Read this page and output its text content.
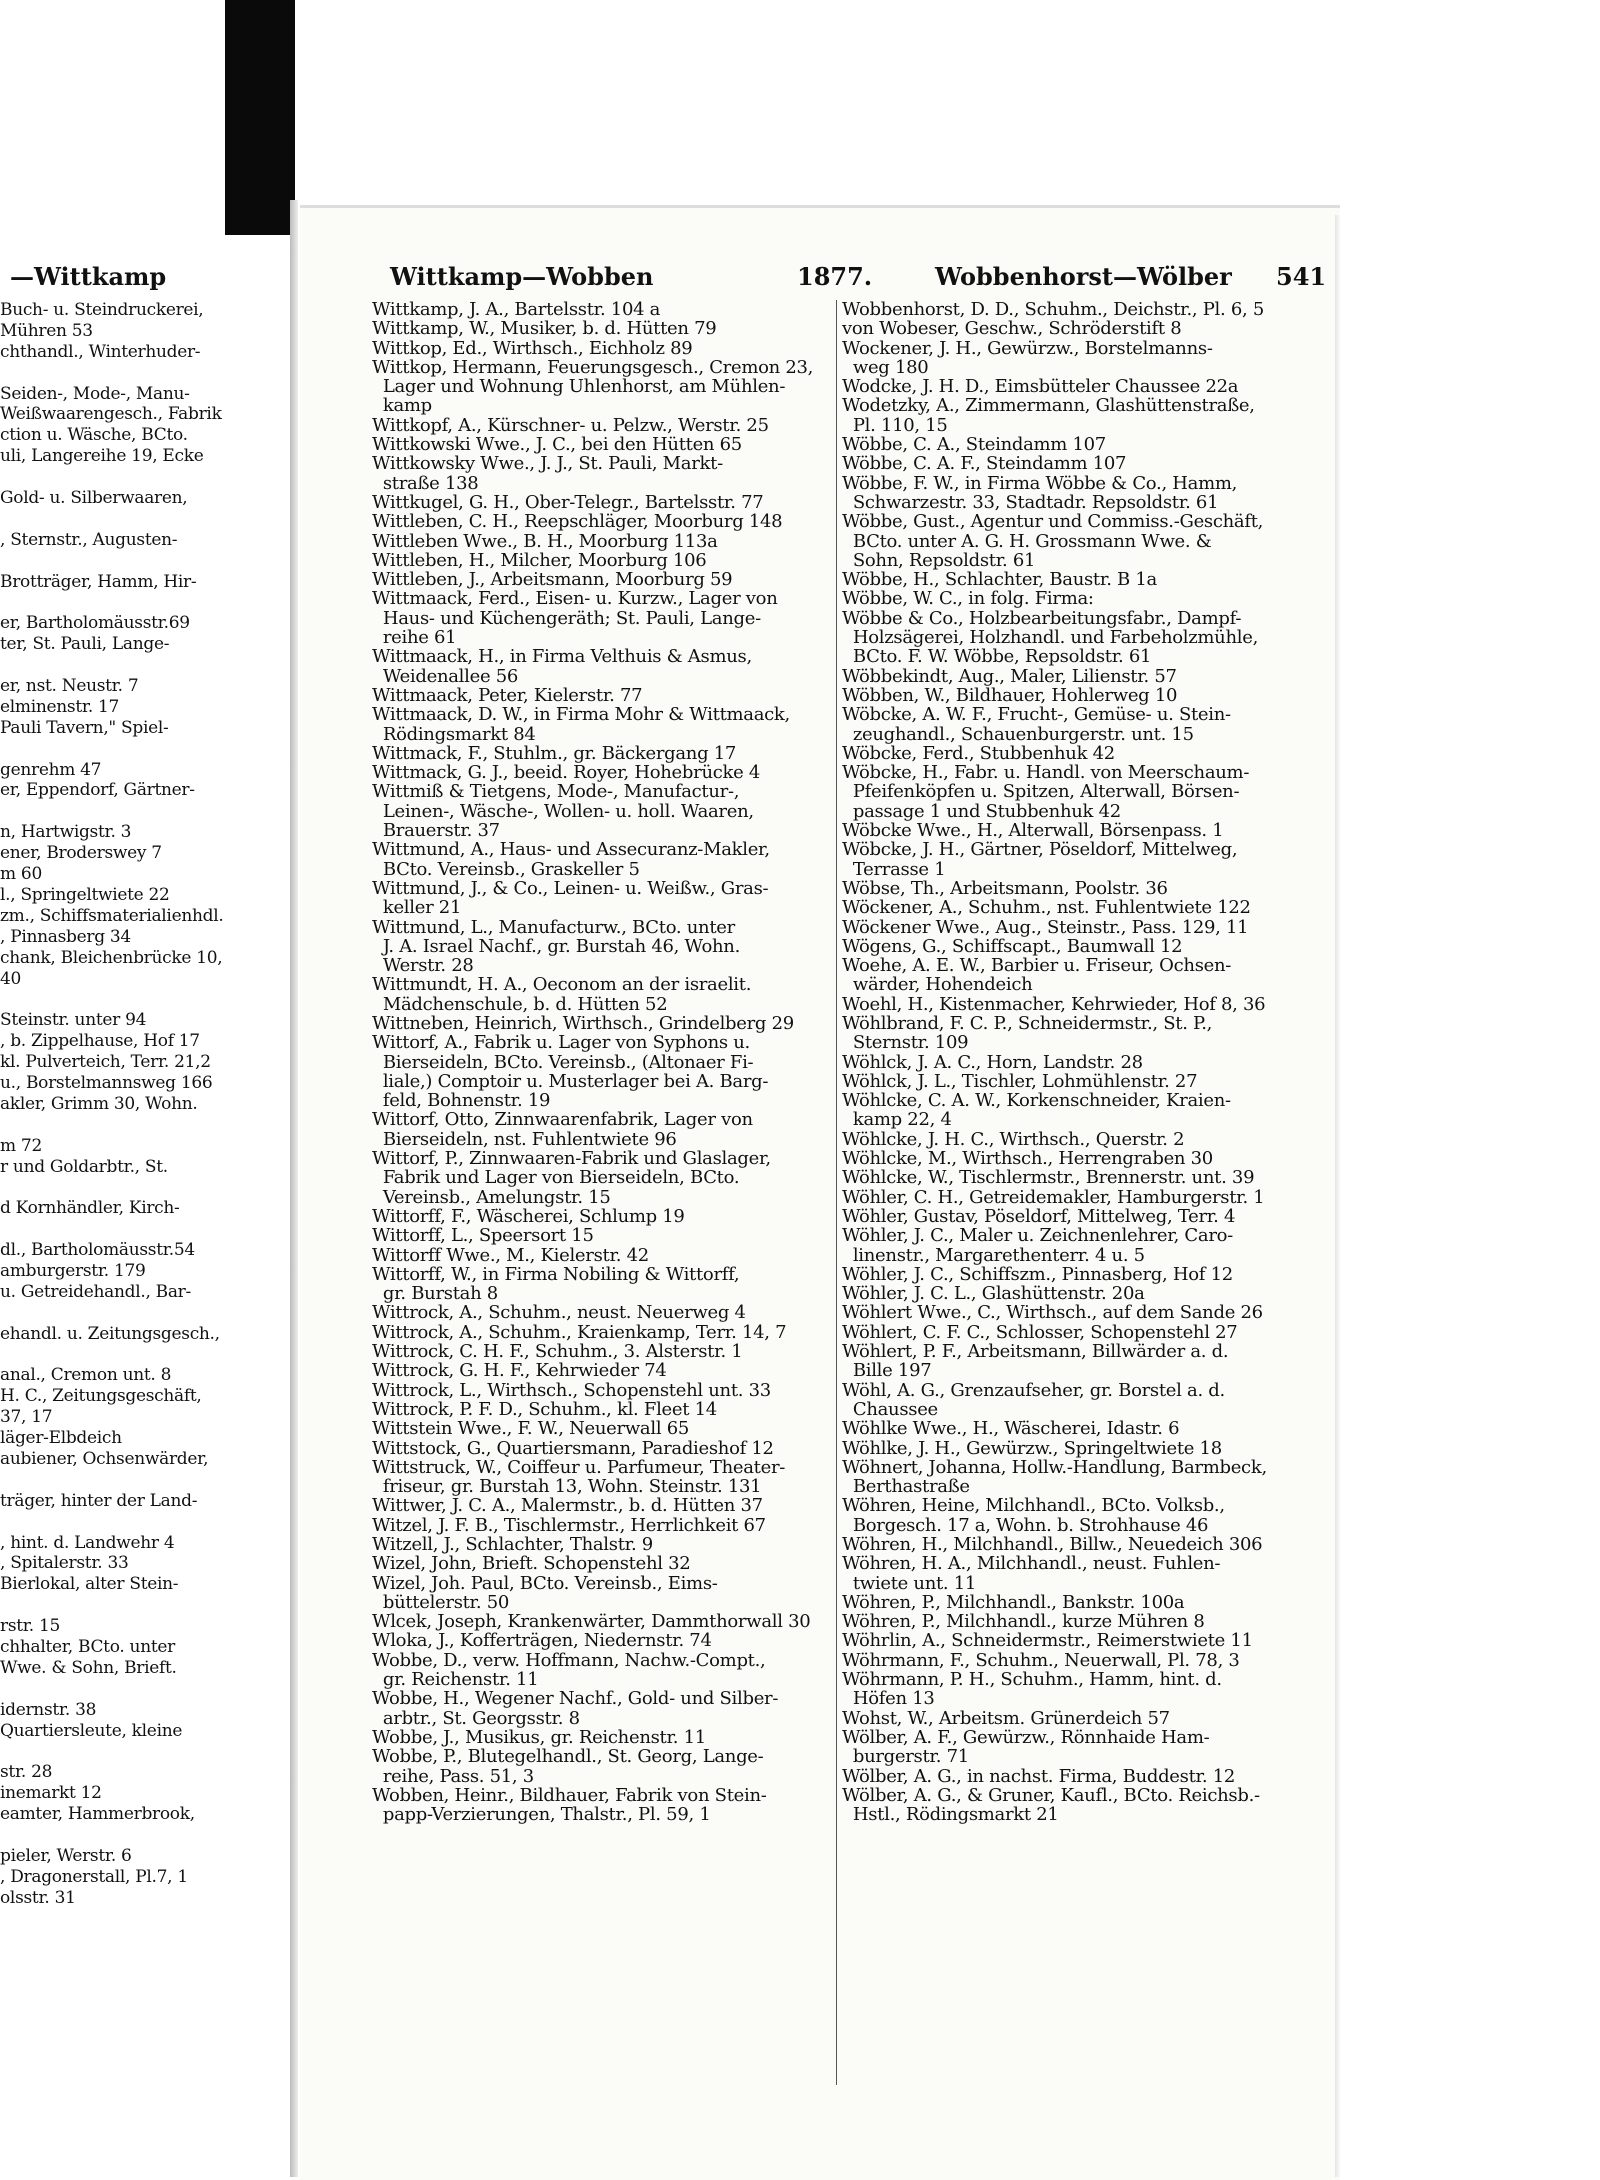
—Wittkamp
Buch- u. Steindruckerei,
Mühren 53
chthandl., Winterhuder-
Seiden-, Mode-, Manu-
Weißwaarengesch., Fabrik
ction u. Wäsche, BCto.
uli, Langereihe 19, Ecke
Gold- u. Silberwaaren,
, Sternstr., Augusten-
Brotträger, Hamm, Hir-
er, Bartholomäusstr.69
ter, St. Pauli, Lange-
er, nst. Neustr. 7
elminenstr. 17
Pauli Tavern," Spiel-
genrehm 47
er, Eppendorf, Gärtner-
n, Hartwigstr. 3
ener, Broderswey 7
m 60
l., Springeltwiete 22
zm., Schiffsmaterialienhdl.
, Pinnasberg 34
chank, Bleichenbrücke 10,
40
Steinstr. unter 94
, b. Zippelhause, Hof 17
kl. Pulverteich, Terr. 21,2
u., Borstelmannsweg 166
akler, Grimm 30, Wohn.
m 72
r und Goldarbtr., St.
d Kornhändler, Kirch-
dl., Bartholomäusstr.54
amburgerstr. 179
u. Getreidehandl., Bar-
ehandl. u. Zeitungsgesch.,
anal., Cremon unt. 8
H. C., Zeitungsgeschäft,
37, 17
läger-Elbdeich
aubiener, Ochsenwärder,
träger, hinter der Land-
, hint. d. Landwehr 4
, Spitalerstr. 33
Bierlokal, alter Stein-
rstr. 15
chhalter, BCto. unter
Wwe. & Sohn, Brieft.
idernstr. 38
Quartiersleute, kleine
str. 28
inemarkt 12
eamter, Hammerbrook,
pieler, Werstr. 6
, Dragonerstall, Pl.7, 1
olsstr. 31
Wittkamp—Wobben	1877.	Wobbenhorst—Wölber 541
Wittkamp, J. A., Bartelsstr. 104 a
Wittkamp, W., Musiker, b. d. Hütten 79
Wittkop, Ed., Wirthsch., Eichholz 89
Wittkop, Hermann, Feuerungsgesch., Cremon 23,
Lager und Wohnung Uhlenhorst, am Mühlen-
kamp
Wittkopf, A., Kürschner- u. Pelzw., Werstr. 25
Wittkowski Wwe., J. C., bei den Hütten 65
Wittkowsky Wwe., J. J., St. Pauli, Markt-
straße 138
Wittkugel, G. H., Ober-Telegr., Bartelsstr. 77
Wittleben, C. H., Reepschläger, Moorburg 148
Wittleben Wwe., B. H., Moorburg 113a
Wittleben, H., Milcher, Moorburg 106
Wittleben, J., Arbeitsmann, Moorburg 59
Wittmaack, Ferd., Eisen- u. Kurzw., Lager von
Haus- und Küchengeräth; St. Pauli, Lange-
reihe 61
Wittmaack, H., in Firma Velthuis & Asmus,
Weidenallee 56
Wittmaack, Peter, Kielerstr. 77
Wittmaack, D. W., in Firma Mohr & Wittmaack,
Rödingsmarkt 84
Wittmack, F., Stuhlm., gr. Bäckergang 17
Wittmack, G. J., beeid. Royer, Hohebrücke 4
Wittmiß & Tietgens, Mode-, Manufactur-,
Leinen-, Wäsche-, Wollen- u. holl. Waaren,
Brauerstr. 37
Wittmund, A., Haus- und Assecuranz-Makler,
BCto. Vereinsb., Graskeller 5
Wittmund, J., & Co., Leinen- u. Weißw., Gras-
keller 21
Wittmund, L., Manufacturw., BCto. unter
J. A. Israel Nachf., gr. Burstah 46, Wohn.
Werstr. 28
Wittmundt, H. A., Oeconom an der israelit.
Mädchenschule, b. d. Hütten 52
Wittneben, Heinrich, Wirthsch., Grindelberg 29
Wittorf, A., Fabrik u. Lager von Syphons u.
Bierseideln, BCto. Vereinsb., (Altonaer Fi-
liale,) Comptoir u. Musterlager bei A. Barg-
feld, Bohnenstr. 19
Wittorf, Otto, Zinnwaarenfabrik, Lager von
Bierseideln, nst. Fuhlentwiete 96
Wittorf, P., Zinnwaaren-Fabrik und Glaslager,
Fabrik und Lager von Bierseideln, BCto.
Vereinsb., Amelungstr. 15
Wittorff, F., Wäscherei, Schlump 19
Wittorff, L., Speersort 15
Wittorff Wwe., M., Kielerstr. 42
Wittorff, W., in Firma Nobiling & Wittorff,
gr. Burstah 8
Wittrock, A., Schuhm., neust. Neuerweg 4
Wittrock, A., Schuhm., Kraienkamp, Terr. 14, 7
Wittrock, C. H. F., Schuhm., 3. Alsterstr. 1
Wittrock, G. H. F., Kehrwieder 74
Wittrock, L., Wirthsch., Schopenstehl unt. 33
Wittrock, P. F. D., Schuhm., kl. Fleet 14
Wittstein Wwe., F. W., Neuerwall 65
Wittstock, G., Quartiersmann, Paradieshof 12
Wittstruck, W., Coiffeur u. Parfumeur, Theater-
friseur, gr. Burstah 13, Wohn. Steinstr. 131
Wittwer, J. C. A., Malermstr., b. d. Hütten 37
Witzel, J. F. B., Tischlermstr., Herrlichkeit 67
Witzell, J., Schlachter, Thalstr. 9
Wizel, John, Brieft. Schopenstehl 32
Wizel, Joh. Paul, BCto. Vereinsb., Eims-
büttelerstr. 50
Wlcek, Joseph, Krankenwärter, Dammthorwall 30
Wloka, J., Kofferträgen, Niedernstr. 74
Wobbe, D., verw. Hoffmann, Nachw.-Compt.,
gr. Reichenstr. 11
Wobbe, H., Wegener Nachf., Gold- und Silber-
arbtr., St. Georgsstr. 8
Wobbe, J., Musikus, gr. Reichenstr. 11
Wobbe, P., Blutegelhandl., St. Georg, Lange-
reihe, Pass. 51, 3
Wobben, Heinr., Bildhauer, Fabrik von Stein-
papp-Verzierungen, Thalstr., Pl. 59, 1
Wobbenhorst, D. D., Schuhm., Deichstr., Pl. 6, 5
von Wobeser, Geschw., Schröderstift 8
Wockener, J. H., Gewürzw., Borstelmanns-
weg 180
Wodcke, J. H. D., Eimsbütteler Chaussee 22a
Wodetzky, A., Zimmermann, Glashüttenstraße,
Pl. 110, 15
Wöbbe, C. A., Steindamm 107
Wöbbe, C. A. F., Steindamm 107
Wöbbe, F. W., in Firma Wöbbe & Co., Hamm,
Schwarzestr. 33, Stadtadr. Repsoldstr. 61
Wöbbe, Gust., Agentur und Commiss.-Geschäft,
BCto. unter A. G. H. Grossmann Wwe. &
Sohn, Repsoldstr. 61
Wöbbe, H., Schlachter, Baustr. B 1a
Wöbbe, W. C., in folg. Firma:
Wöbbe & Co., Holzbearbeitungsfabr., Dampf-
Holzsägerei, Holzhandl. und Farbeholzmühle,
BCto. F. W. Wöbbe, Repsoldstr. 61
Wöbbekindt, Aug., Maler, Lilienstr. 57
Wöbben, W., Bildhauer, Hohlerweg 10
Wöbcke, A. W. F., Frucht-, Gemüse- u. Stein-
zeughandl., Schauenburgerstr. unt. 15
Wöbcke, Ferd., Stubbenhuk 42
Wöbcke, H., Fabr. u. Handl. von Meerschaum-
Pfeifenköpfen u. Spitzen, Alterwall, Börsen-
passage 1 und Stubbenhuk 42
Wöbcke Wwe., H., Alterwall, Börsenpass. 1
Wöbcke, J. H., Gärtner, Pöseldorf, Mittelweg,
Terrasse 1
Wöbse, Th., Arbeitsmann, Poolstr. 36
Wöckener, A., Schuhm., nst. Fuhlentwiete 122
Wöckener Wwe., Aug., Steinstr., Pass. 129, 11
Wögens, G., Schiffscapt., Baumwall 12
Woehe, A. E. W., Barbier u. Friseur, Ochsen-
wärder, Hohendeich
Woehl, H., Kistenmacher, Kehrwieder, Hof 8, 36
Wöhlbrand, F. C. P., Schneidermstr., St. P.,
Sternstr. 109
Wöhlck, J. A. C., Horn, Landstr. 28
Wöhlck, J. L., Tischler, Lohmühlenstr. 27
Wöhlcke, C. A. W., Korkenschneider, Kraien-
kamp 22, 4
Wöhlcke, J. H. C., Wirthsch., Querstr. 2
Wöhlcke, M., Wirthsch., Herrengraben 30
Wöhlcke, W., Tischlermstr., Brennerstr. unt. 39
Wöhler, C. H., Getreidemakler, Hamburgerstr. 1
Wöhler, Gustav, Pöseldorf, Mittelweg, Terr. 4
Wöhler, J. C., Maler u. Zeichnenlehrer, Caro-
linenstr., Margarethenterr. 4 u. 5
Wöhler, J. C., Schiffszm., Pinnasberg, Hof 12
Wöhler, J. C. L., Glashüttenstr. 20a
Wöhlert Wwe., C., Wirthsch., auf dem Sande 26
Wöhlert, C. F. C., Schlosser, Schopenstehl 27
Wöhlert, P. F., Arbeitsmann, Billwärder a. d.
Bille 197
Wöhl, A. G., Grenzaufseher, gr. Borstel a. d.
Chaussee
Wöhlke Wwe., H., Wäscherei, Idastr. 6
Wöhlke, J. H., Gewürzw., Springeltwiete 18
Wöhnert, Johanna, Hollw.-Handlung, Barmbeck,
Berthastraße
Wöhren, Heine, Milchhandl., BCto. Volksb.,
Borgesch. 17 a, Wohn. b. Strohhause 46
Wöhren, H., Milchhandl., Billw., Neuedeich 306
Wöhren, H. A., Milchhandl., neust. Fuhlen-
twiete unt. 11
Wöhren, P., Milchhandl., Bankstr. 100a
Wöhren, P., Milchhandl., kurze Mühren 8
Wöhrlin, A., Schneidermstr., Reimerstwiete 11
Wöhrmann, F., Schuhm., Neuerwall, Pl. 78, 3
Wöhrmann, P. H., Schuhm., Hamm, hint. d.
Höfen 13
Wohst, W., Arbeitsm. Grünerdeich 57
Wölber, A. F., Gewürzw., Rönnhaide Ham-
burgerstr. 71
Wölber, A. G., in nachst. Firma, Buddestr. 12
Wölber, A. G., & Gruner, Kaufl., BCto. Reichsb.-
Hstl., Rödingsmarkt 21
